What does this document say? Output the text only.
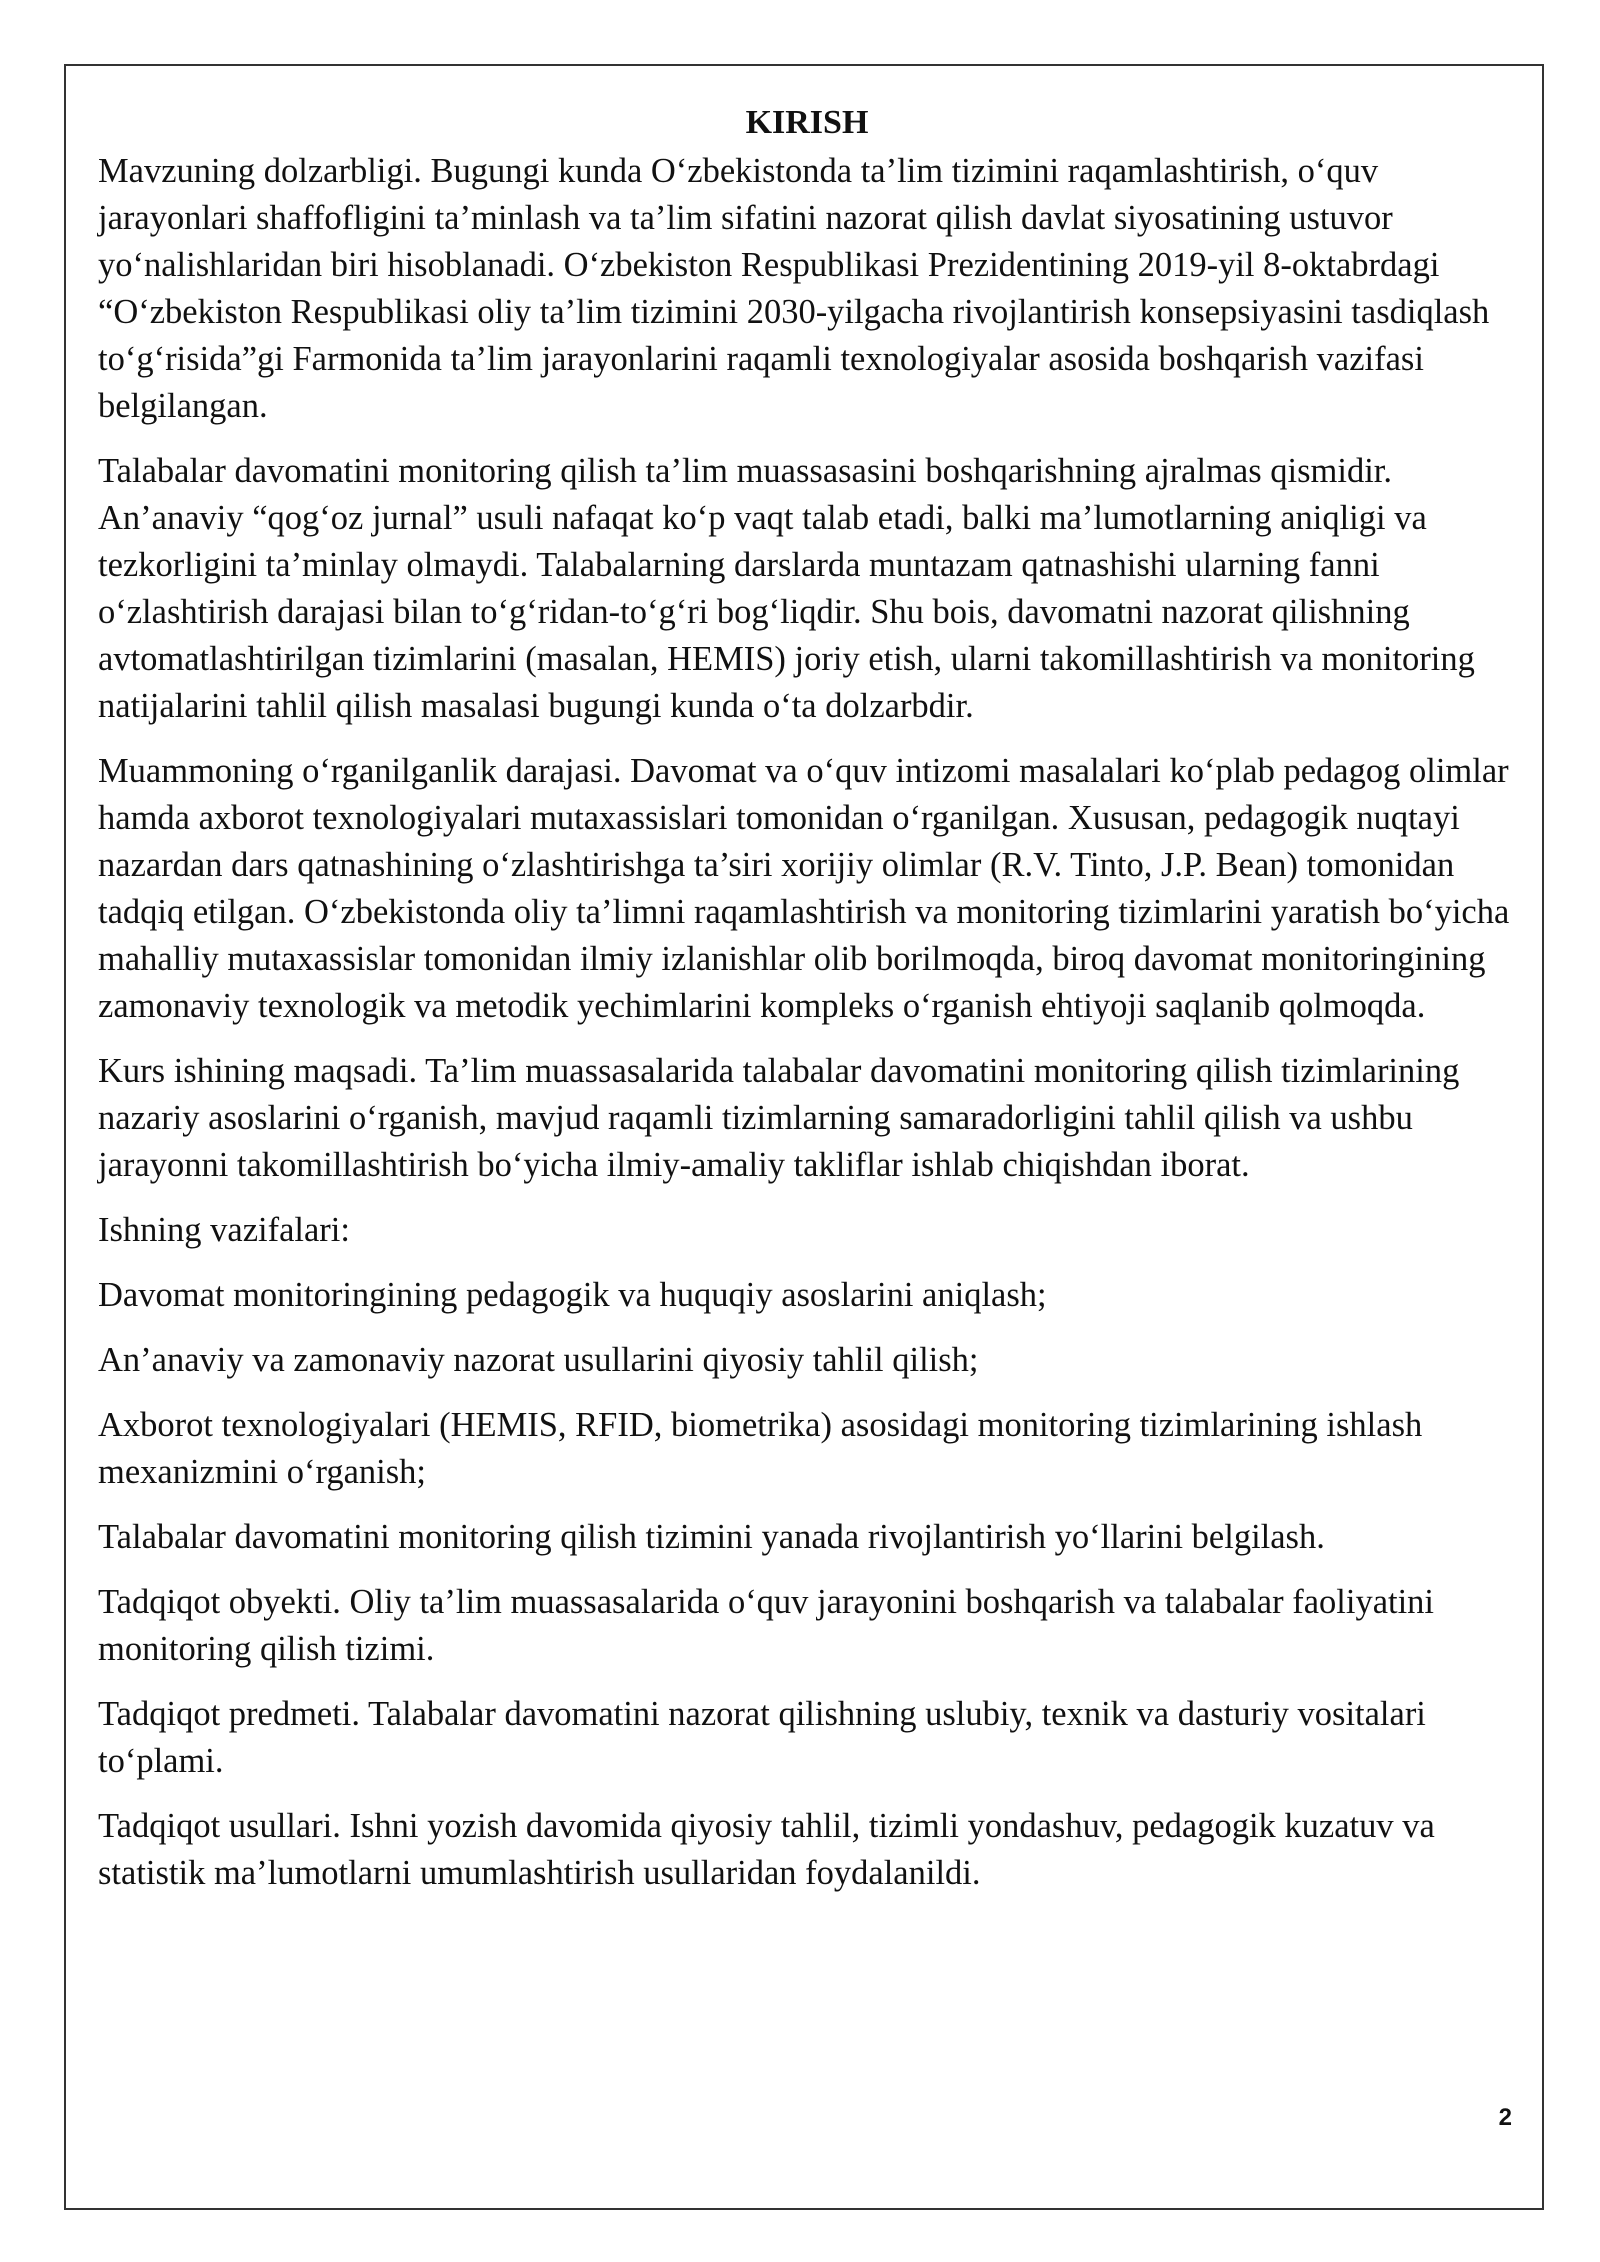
KIRISH

Mavzuning dolzarbligi. Bugungi kunda O‘zbekistonda ta’lim tizimini raqamlashtirish, o‘quv jarayonlari shaffofligini ta’minlash va ta’lim sifatini nazorat qilish davlat siyosatining ustuvor yo‘nalishlaridan biri hisoblanadi. O‘zbekiston Respublikasi Prezidentining 2019-yil 8-oktabrdagi “O‘zbekiston Respublikasi oliy ta’lim tizimini 2030-yilgacha rivojlantirish konsepsiyasini tasdiqlash to‘g‘risida”gi Farmonida ta’lim jarayonlarini raqamli texnologiyalar asosida boshqarish vazifasi belgilangan.

Talabalar davomatini monitoring qilish ta’lim muassasasini boshqarishning ajralmas qismidir. An’anaviy “qog‘oz jurnal” usuli nafaqat ko‘p vaqt talab etadi, balki ma’lumotlarning aniqligi va tezkorligini ta’minlay olmaydi. Talabalarning darslarda muntazam qatnashishi ularning fanni o‘zlashtirish darajasi bilan to‘g‘ridan-to‘g‘ri bog‘liqdir. Shu bois, davomatni nazorat qilishning avtomatlashtirilgan tizimlarini (masalan, HEMIS) joriy etish, ularni takomillashtirish va monitoring natijalarini tahlil qilish masalasi bugungi kunda o‘ta dolzarbdir.

Muammoning o‘rganilganlik darajasi. Davomat va o‘quv intizomi masalalari ko‘plab pedagog olimlar hamda axborot texnologiyalari mutaxassislari tomonidan o‘rganilgan. Xususan, pedagogik nuqtayi nazardan dars qatnashining o‘zlashtirishga ta’siri xorijiy olimlar (R.V. Tinto, J.P. Bean) tomonidan tadqiq etilgan. O‘zbekistonda oliy ta’limni raqamlashtirish va monitoring tizimlarini yaratish bo‘yicha mahalliy mutaxassislar tomonidan ilmiy izlanishlar olib borilmoqda, biroq davomat monitoringining zamonaviy texnologik va metodik yechimlarini kompleks o‘rganish ehtiyoji saqlanib qolmoqda.

Kurs ishining maqsadi. Ta’lim muassasalarida talabalar davomatini monitoring qilish tizimlarining nazariy asoslarini o‘rganish, mavjud raqamli tizimlarning samaradorligini tahlil qilish va ushbu jarayonni takomillashtirish bo‘yicha ilmiy-amaliy takliflar ishlab chiqishdan iborat.

Ishning vazifalari:

Davomat monitoringining pedagogik va huquqiy asoslarini aniqlash;

An’anaviy va zamonaviy nazorat usullarini qiyosiy tahlil qilish;

Axborot texnologiyalari (HEMIS, RFID, biometrika) asosidagi monitoring tizimlarining ishlash mexanizmini o‘rganish;

Talabalar davomatini monitoring qilish tizimini yanada rivojlantirish yo‘llarini belgilash.

Tadqiqot obyekti. Oliy ta’lim muassasalarida o‘quv jarayonini boshqarish va talabalar faoliyatini monitoring qilish tizimi.

Tadqiqot predmeti. Talabalar davomatini nazorat qilishning uslubiy, texnik va dasturiy vositalari to‘plami.

Tadqiqot usullari. Ishni yozish davomida qiyosiy tahlil, tizimli yondashuv, pedagogik kuzatuv va statistik ma’lumotlarni umumlashtirish usullaridan foydalanildi.

2
